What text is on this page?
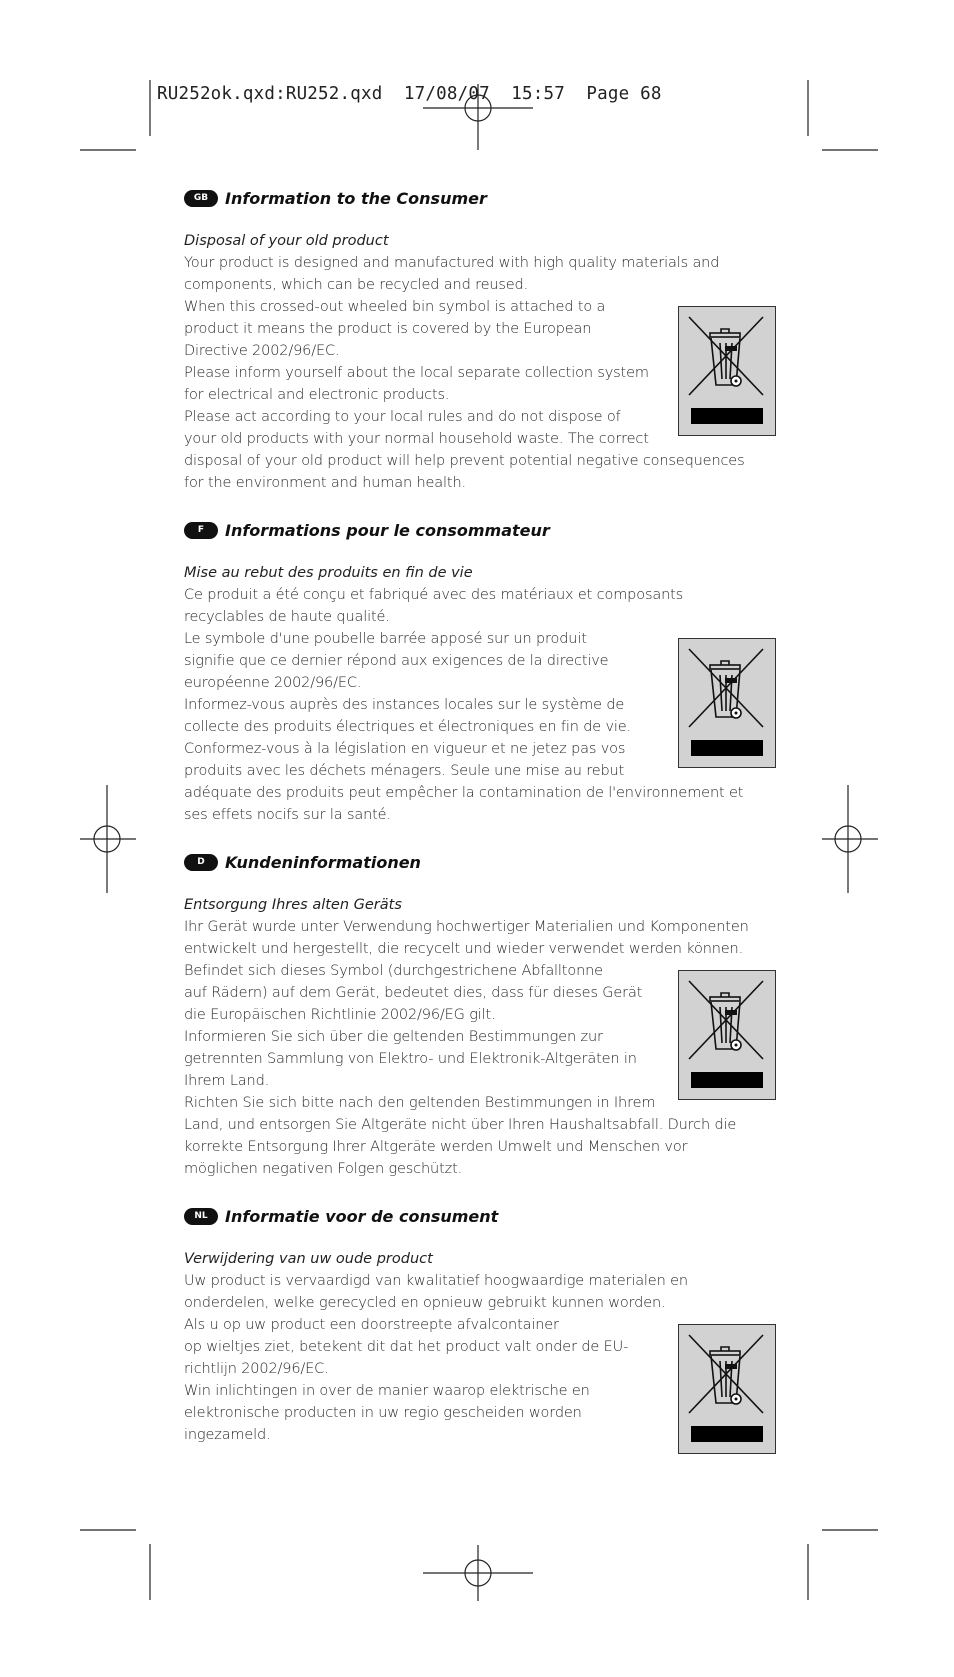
RU252ok.qxd:RU252.qxd  17/08/07  15:57  Page 68
GB	Information to the Consumer
Disposal of your old product
Your product is designed and manufactured with high quality materials and
components, which can be recycled and reused.
When this crossed-out wheeled bin symbol is attached to a
product it means the product is covered by the European
Directive 2002/96/EC.
Please inform yourself about the local separate collection system
for electrical and electronic products.
Please act according to your local rules and do not dispose of
your old products with your normal household waste. The correct
disposal of your old product will help prevent potential negative consequences
for the environment and human health.
F	Informations pour le consommateur
Mise au rebut des produits en fin de vie
Ce produit a été conçu et fabriqué avec des matériaux et composants
recyclables de haute qualité.
Le symbole d'une poubelle barrée apposé sur un produit
signifie que ce dernier répond aux exigences de la directive
européenne 2002/96/EC.
Informez-vous auprès des instances locales sur le système de
collecte des produits électriques et électroniques en fin de vie.
Conformez-vous à la législation en vigueur et ne jetez pas vos
produits avec les déchets ménagers. Seule une mise au rebut
adéquate des produits peut empêcher la contamination de l'environnement et
ses effets nocifs sur la santé.
D	Kundeninformationen
Entsorgung Ihres alten Geräts
Ihr Gerät wurde unter Verwendung hochwertiger Materialien und Komponenten
entwickelt und hergestellt, die recycelt und wieder verwendet werden können.
Befindet sich dieses Symbol (durchgestrichene Abfalltonne
auf Rädern) auf dem Gerät, bedeutet dies, dass für dieses Gerät
die Europäischen Richtlinie 2002/96/EG gilt.
Informieren Sie sich über die geltenden Bestimmungen zur
getrennten Sammlung von Elektro- und Elektronik-Altgeräten in
Ihrem Land.
Richten Sie sich bitte nach den geltenden Bestimmungen in Ihrem
Land, und entsorgen Sie Altgeräte nicht über Ihren Haushaltsabfall. Durch die
korrekte Entsorgung Ihrer Altgeräte werden Umwelt und Menschen vor
möglichen negativen Folgen geschützt.
NL	Informatie voor de consument
Verwijdering van uw oude product
Uw product is vervaardigd van kwalitatief hoogwaardige materialen en
onderdelen, welke gerecycled en opnieuw gebruikt kunnen worden.
Als u op uw product een doorstreepte afvalcontainer
op wieltjes ziet, betekent dit dat het product valt onder de EU-
richtlijn 2002/96/EC.
Win inlichtingen in over de manier waarop elektrische en
elektronische producten in uw regio gescheiden worden
ingezameld.
